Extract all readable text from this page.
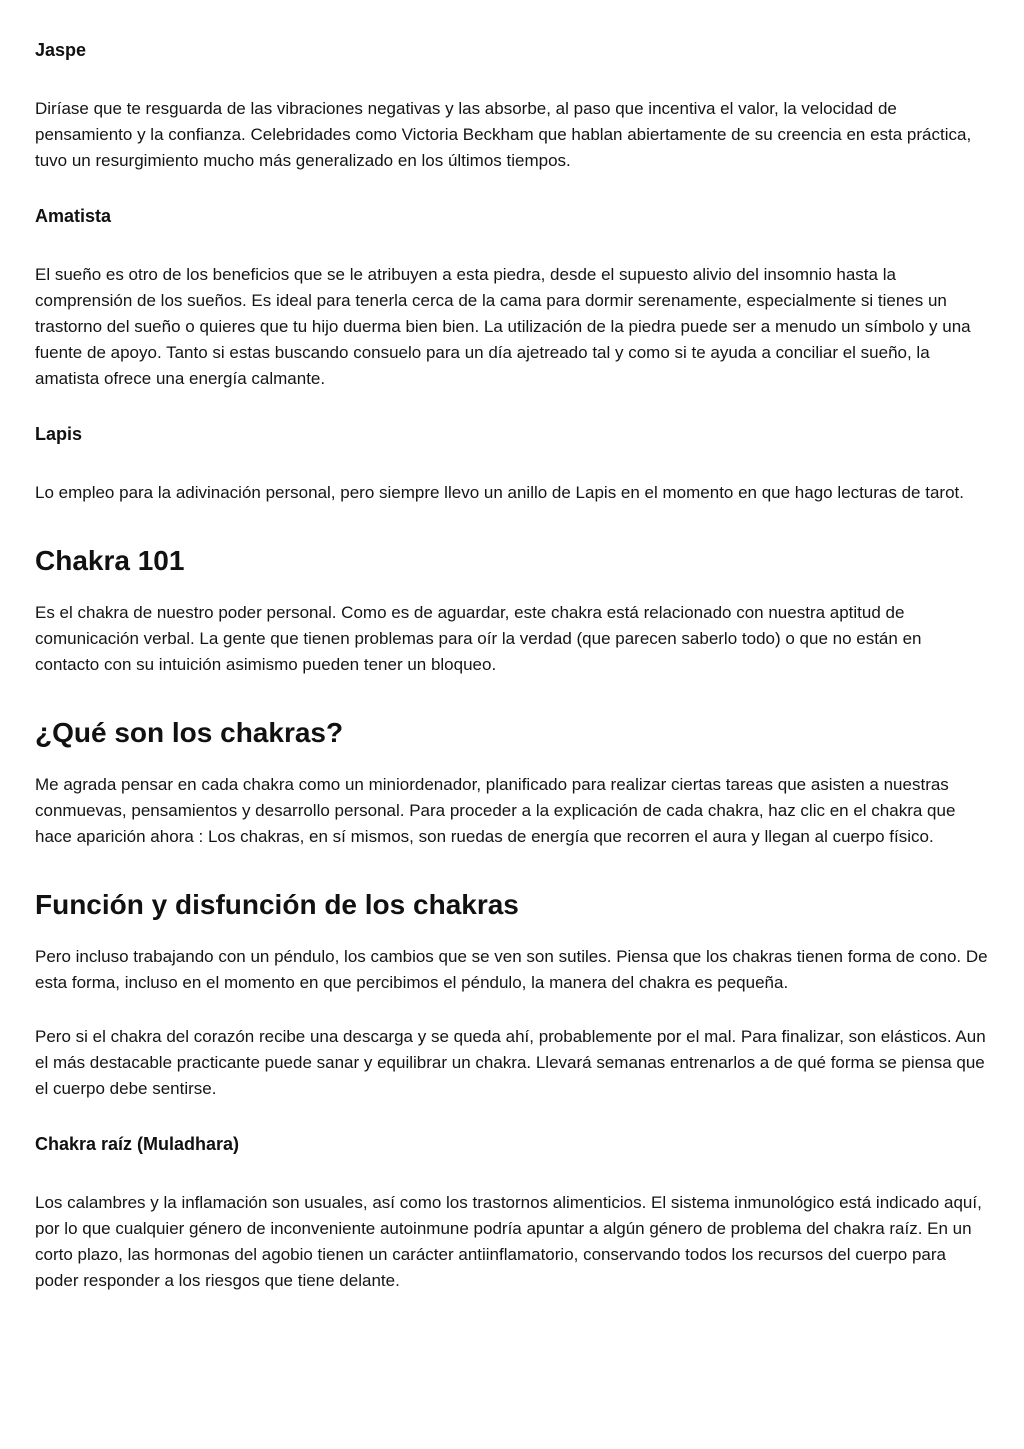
Jaspe

Diríase que te resguarda de las vibraciones negativas y las absorbe, al paso que incentiva el valor, la velocidad de pensamiento y la confianza. Celebridades como Victoria Beckham que hablan abiertamente de su creencia en esta práctica, tuvo un resurgimiento mucho más generalizado en los últimos tiempos.

Amatista

El sueño es otro de los beneficios que se le atribuyen a esta piedra, desde el supuesto alivio del insomnio hasta la comprensión de los sueños. Es ideal para tenerla cerca de la cama para dormir serenamente, especialmente si tienes un trastorno del sueño o quieres que tu hijo duerma bien bien. La utilización de la piedra puede ser a menudo un símbolo y una fuente de apoyo. Tanto si estas buscando consuelo para un día ajetreado tal y como si te ayuda a conciliar el sueño, la amatista ofrece una energía calmante.

Lapis

Lo empleo para la adivinación personal, pero siempre llevo un anillo de Lapis en el momento en que hago lecturas de tarot.

Chakra 101

Es el chakra de nuestro poder personal. Como es de aguardar, este chakra está relacionado con nuestra aptitud de comunicación verbal. La gente que tienen problemas para oír la verdad (que parecen saberlo todo) o que no están en contacto con su intuición asimismo pueden tener un bloqueo.

¿Qué son los chakras?

Me agrada pensar en cada chakra como un miniordenador, planificado para realizar ciertas tareas que asisten a nuestras conmuevas, pensamientos y desarrollo personal. Para proceder a la explicación de cada chakra, haz clic en el chakra que hace aparición ahora : Los chakras, en sí mismos, son ruedas de energía que recorren el aura y llegan al cuerpo físico.

Función y disfunción de los chakras

Pero incluso trabajando con un péndulo, los cambios que se ven son sutiles. Piensa que los chakras tienen forma de cono. De esta forma, incluso en el momento en que percibimos el péndulo, la manera del chakra es pequeña.

Pero si el chakra del corazón recibe una descarga y se queda ahí, probablemente por el mal. Para finalizar, son elásticos. Aun el más destacable practicante puede sanar y equilibrar un chakra. Llevará semanas entrenarlos a de qué forma se piensa que el cuerpo debe sentirse.

Chakra raíz (Muladhara)

Los calambres y la inflamación son usuales, así como los trastornos alimenticios. El sistema inmunológico está indicado aquí, por lo que cualquier género de inconveniente autoinmune podría apuntar a algún género de problema del chakra raíz. En un corto plazo, las hormonas del agobio tienen un carácter antiinflamatorio, conservando todos los recursos del cuerpo para poder responder a los riesgos que tiene delante.
